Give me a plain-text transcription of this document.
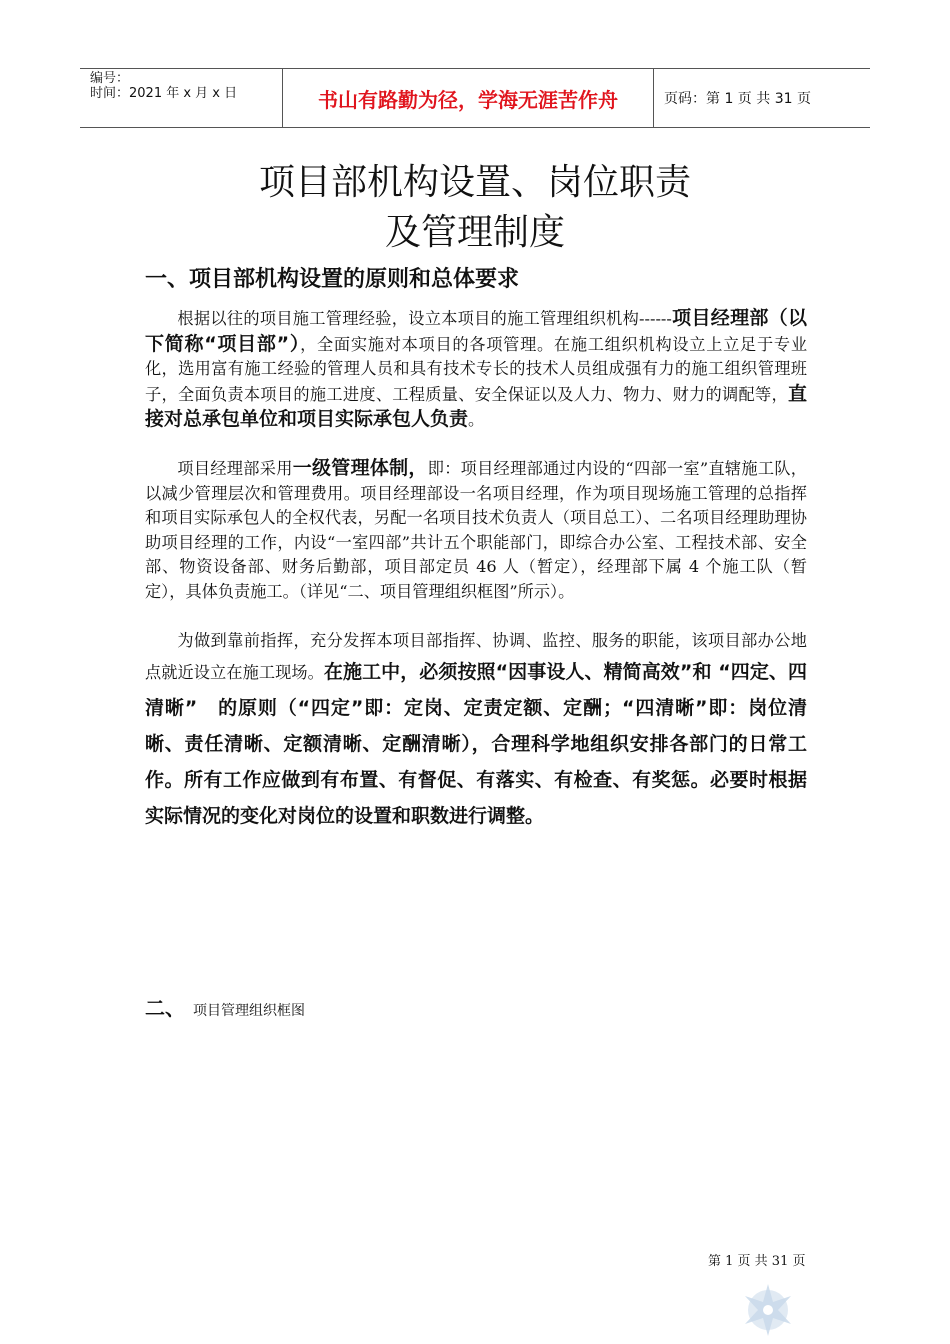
编号：
时间：2021 年 x 月 x 日	书山有路勤为径，学海无涯苦作舟	页码：第 1 页 共 31 页
项目部机构设置、岗位职责
及管理制度
一、项目部机构设置的原则和总体要求
根据以往的项目施工管理经验，设立本项目的施工管理组织机构------项目经理部（以下简称“项目部”），全面实施对本项目的各项管理。在施工组织机构设立上立足于专业化，选用富有施工经验的管理人员和具有技术专长的技术人员组成强有力的施工组织管理班子，全面负责本项目的施工进度、工程质量、安全保证以及人力、物力、财力的调配等，直接对总承包单位和项目实际承包人负责。
项目经理部采用一级管理体制，即：项目经理部通过内设的“四部一室”直辖施工队，以减少管理层次和管理费用。项目经理部设一名项目经理，作为项目现场施工管理的总指挥和项目实际承包人的全权代表，另配一名项目技术负责人（项目总工）、二名项目经理助理协助项目经理的工作，内设“一室四部”共计五个职能部门，即综合办公室、工程技术部、安全部、物资设备部、财务后勤部，项目部定员 46 人（暂定），经理部下属 4 个施工队（暂定），具体负责施工。（详见“二、项目管理组织框图”所示）。
为做到靠前指挥，充分发挥本项目部指挥、协调、监控、服务的职能，该项目部办公地点就近设立在施工现场。在施工中，必须按照“因事设人、精简高效”和 “四定、四清晰”　的原则（“四定”即：定岗、定责定额、定酬；“四清晰”即：岗位清晰、责任清晰、定额清晰、定酬清晰），合理科学地组织安排各部门的日常工作。所有工作应做到有布置、有督促、有落实、有检查、有奖惩。必要时根据实际情况的变化对岗位的设置和职数进行调整。
二、 项目管理组织框图
第 1 页 共 31 页
